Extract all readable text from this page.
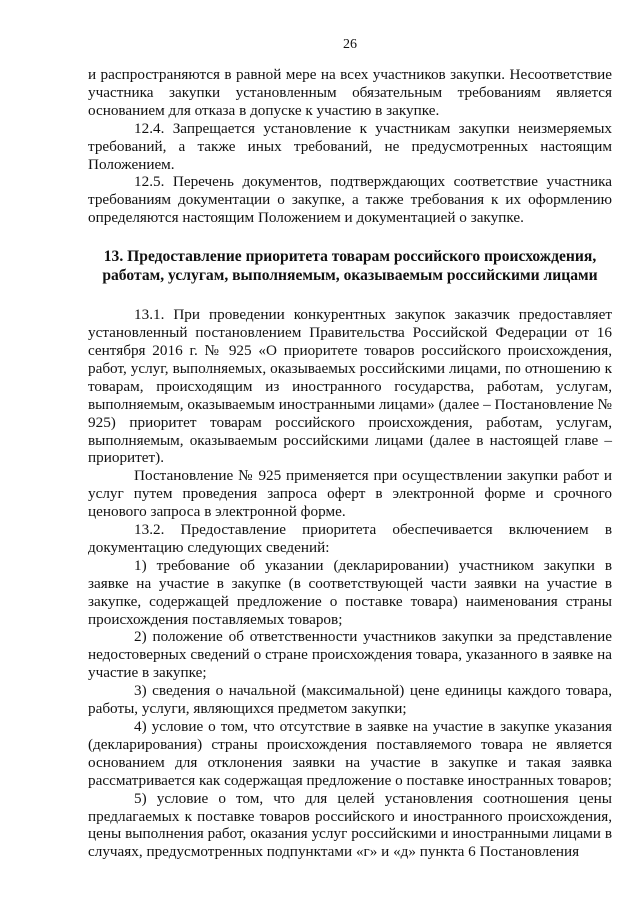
26

и распространяются в равной мере на всех участников закупки. Несоответствие участника закупки установленным обязательным требованиям является основанием для отказа в допуске к участию в закупке.

12.4. Запрещается установление к участникам закупки неизмеряемых требований, а также иных требований, не предусмотренных настоящим Положением.

12.5. Перечень документов, подтверждающих соответствие участника требованиям документации о закупке, а также требования к их оформлению определяются настоящим Положением и документацией о закупке.

13. Предоставление приоритета товарам российского происхождения, работам, услугам, выполняемым, оказываемым российскими лицами

13.1. При проведении конкурентных закупок заказчик предоставляет установленный постановлением Правительства Российской Федерации от 16 сентября 2016 г. № 925 «О приоритете товаров российского происхождения, работ, услуг, выполняемых, оказываемых российскими лицами, по отношению к товарам, происходящим из иностранного государства, работам, услугам, выполняемым, оказываемым иностранными лицами» (далее – Постановление № 925) приоритет товарам российского происхождения, работам, услугам, выполняемым, оказываемым российскими лицами (далее в настоящей главе – приоритет).

Постановление № 925 применяется при осуществлении закупки работ и услуг путем проведения запроса оферт в электронной форме и срочного ценового запроса в электронной форме.

13.2. Предоставление приоритета обеспечивается включением в документацию следующих сведений:

1) требование об указании (декларировании) участником закупки в заявке на участие в закупке (в соответствующей части заявки на участие в закупке, содержащей предложение о поставке товара) наименования страны происхождения поставляемых товаров;

2) положение об ответственности участников закупки за представление недостоверных сведений о стране происхождения товара, указанного в заявке на участие в закупке;

3) сведения о начальной (максимальной) цене единицы каждого товара, работы, услуги, являющихся предметом закупки;

4) условие о том, что отсутствие в заявке на участие в закупке указания (декларирования) страны происхождения поставляемого товара не является основанием для отклонения заявки на участие в закупке и такая заявка рассматривается как содержащая предложение о поставке иностранных товаров;

5) условие о том, что для целей установления соотношения цены предлагаемых к поставке товаров российского и иностранного происхождения, цены выполнения работ, оказания услуг российскими и иностранными лицами в случаях, предусмотренных подпунктами «г» и «д» пункта 6 Постановления
